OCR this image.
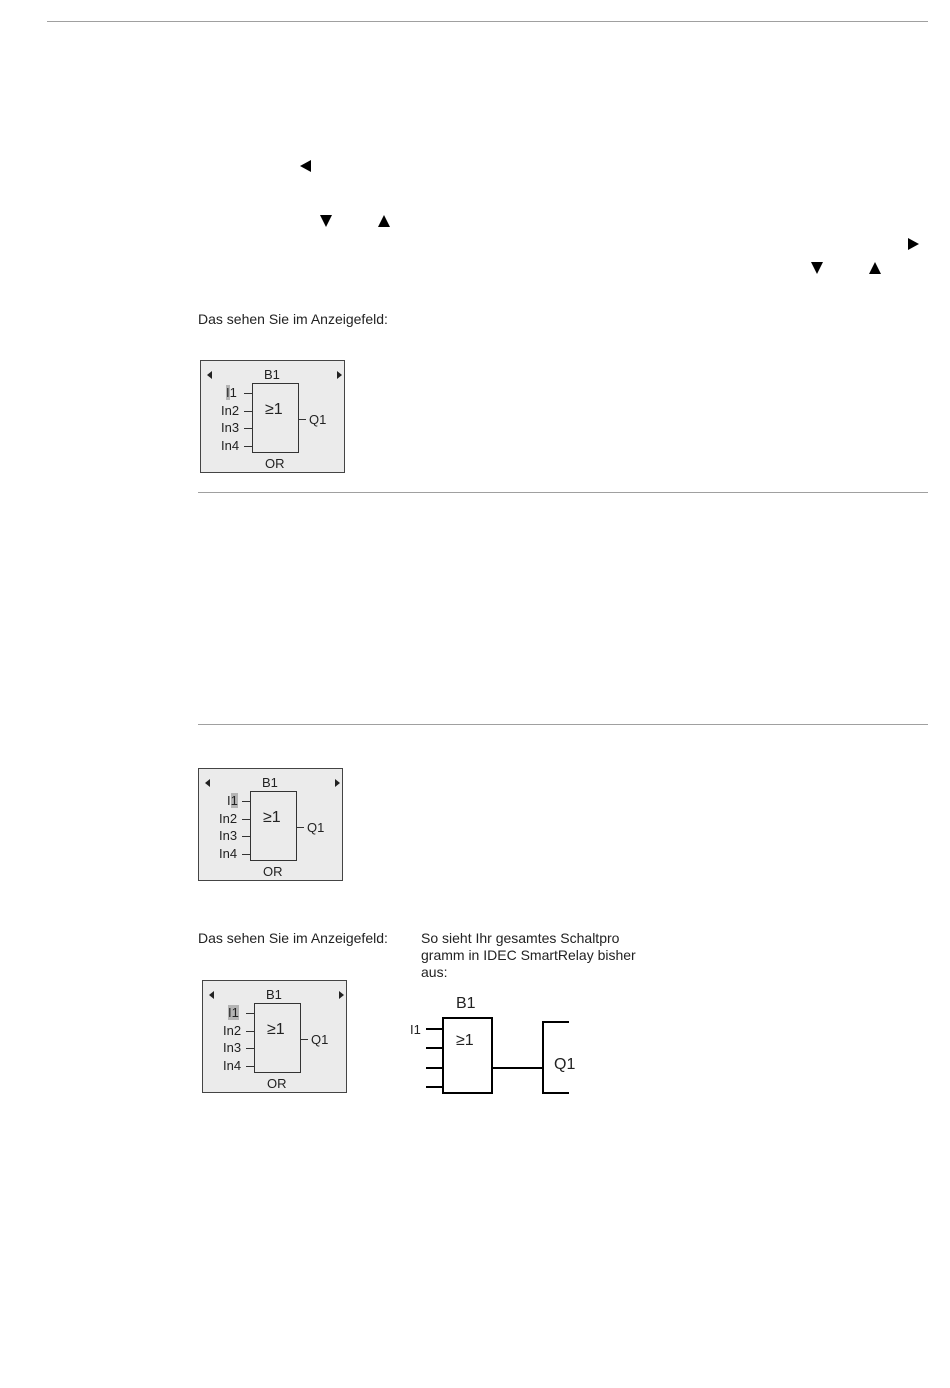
Das sehen Sie im Anzeigefeld:
B1
I1
In2
In3
In4
≥1
Q1
OR
B1
I1
In2
In3
In4
≥1
Q1
OR
Das sehen Sie im Anzeigefeld: So sieht Ihr gesamtes Schaltpro
gramm in IDEC SmartRelay bisher
aus:
B1
I1
In2
In3
In4
≥1
Q1
OR
B1
I1
≥1
Q1
